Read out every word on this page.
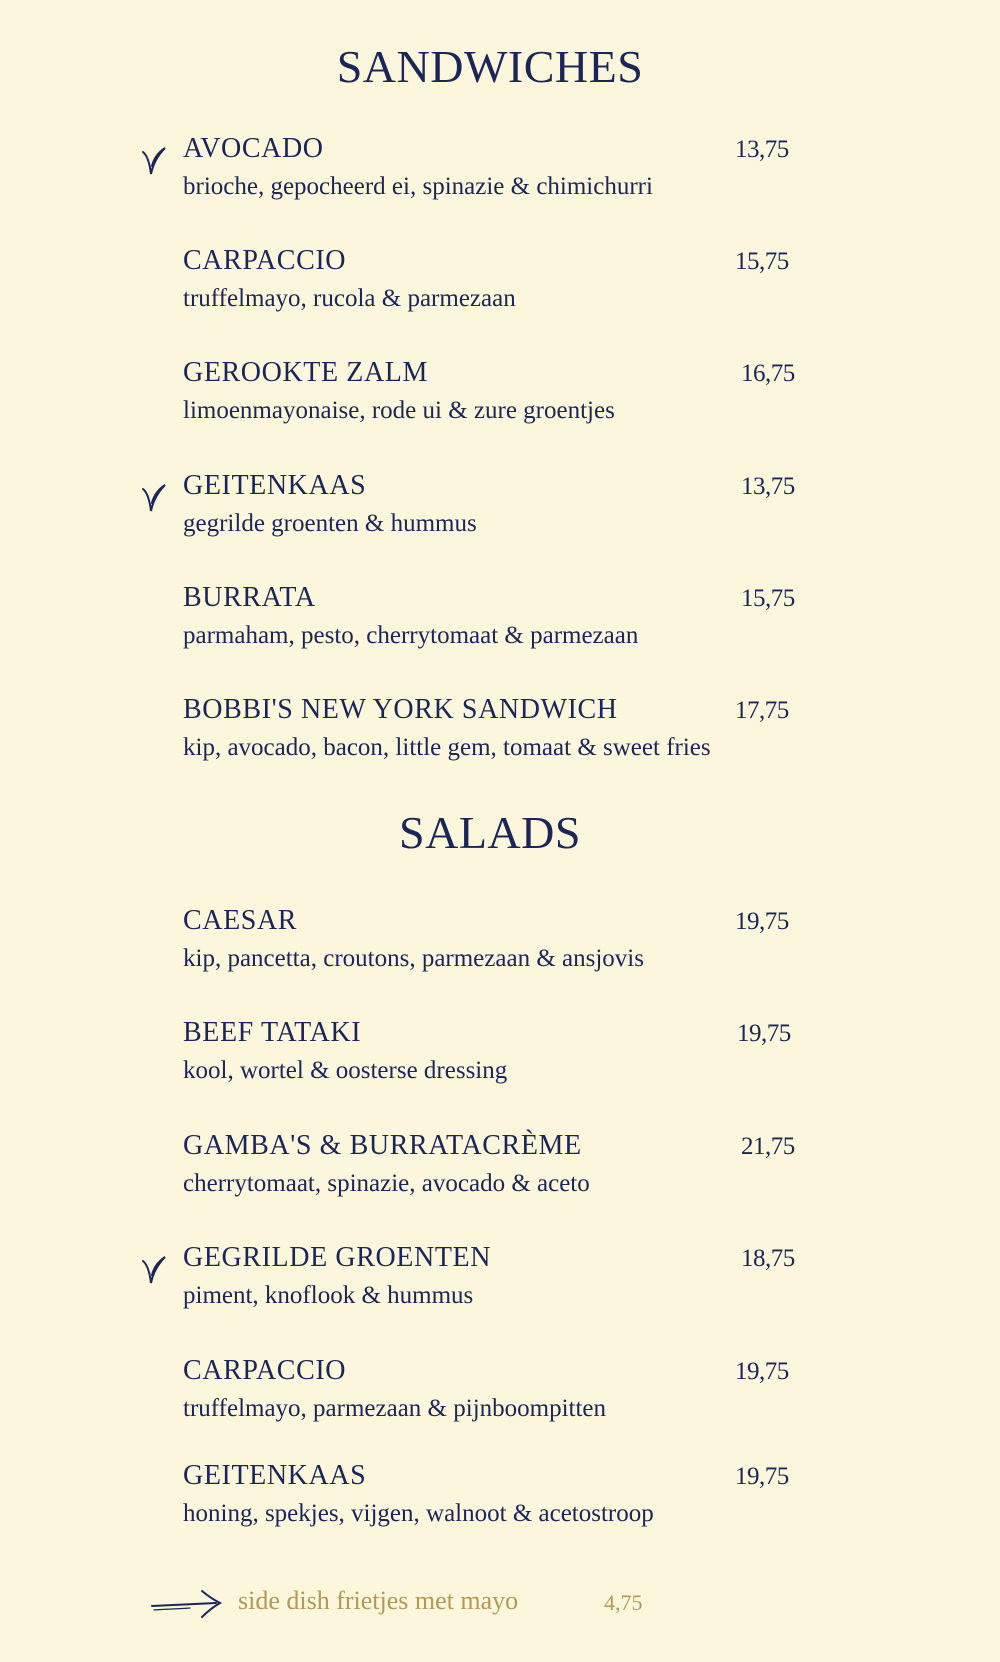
SANDWICHES
AVOCADO
brioche, gepocheerd ei, spinazie & chimichurri
13,75
CARPACCIO
truffelmayo, rucola & parmezaan
15,75
GEROOKTE ZALM
limoenmayonaise, rode ui & zure groentjes
16,75
GEITENKAAS
gegrilde groenten & hummus
13,75
BURRATA
parmaham, pesto, cherrytomaat & parmezaan
15,75
BOBBI'S NEW YORK SANDWICH
kip, avocado, bacon, little gem, tomaat & sweet fries
17,75
SALADS
CAESAR
kip, pancetta, croutons, parmezaan & ansjovis
19,75
BEEF TATAKI
kool, wortel & oosterse dressing
19,75
GAMBA'S & BURRATACRÈME
cherrytomaat, spinazie, avocado & aceto
21,75
GEGRILDE GROENTEN
piment, knoflook & hummus
18,75
CARPACCIO
truffelmayo, parmezaan & pijnboompitten
19,75
GEITENKAAS
honing, spekjes, vijgen, walnoot & acetostroop
19,75
side dish frietjes met mayo	4,75
